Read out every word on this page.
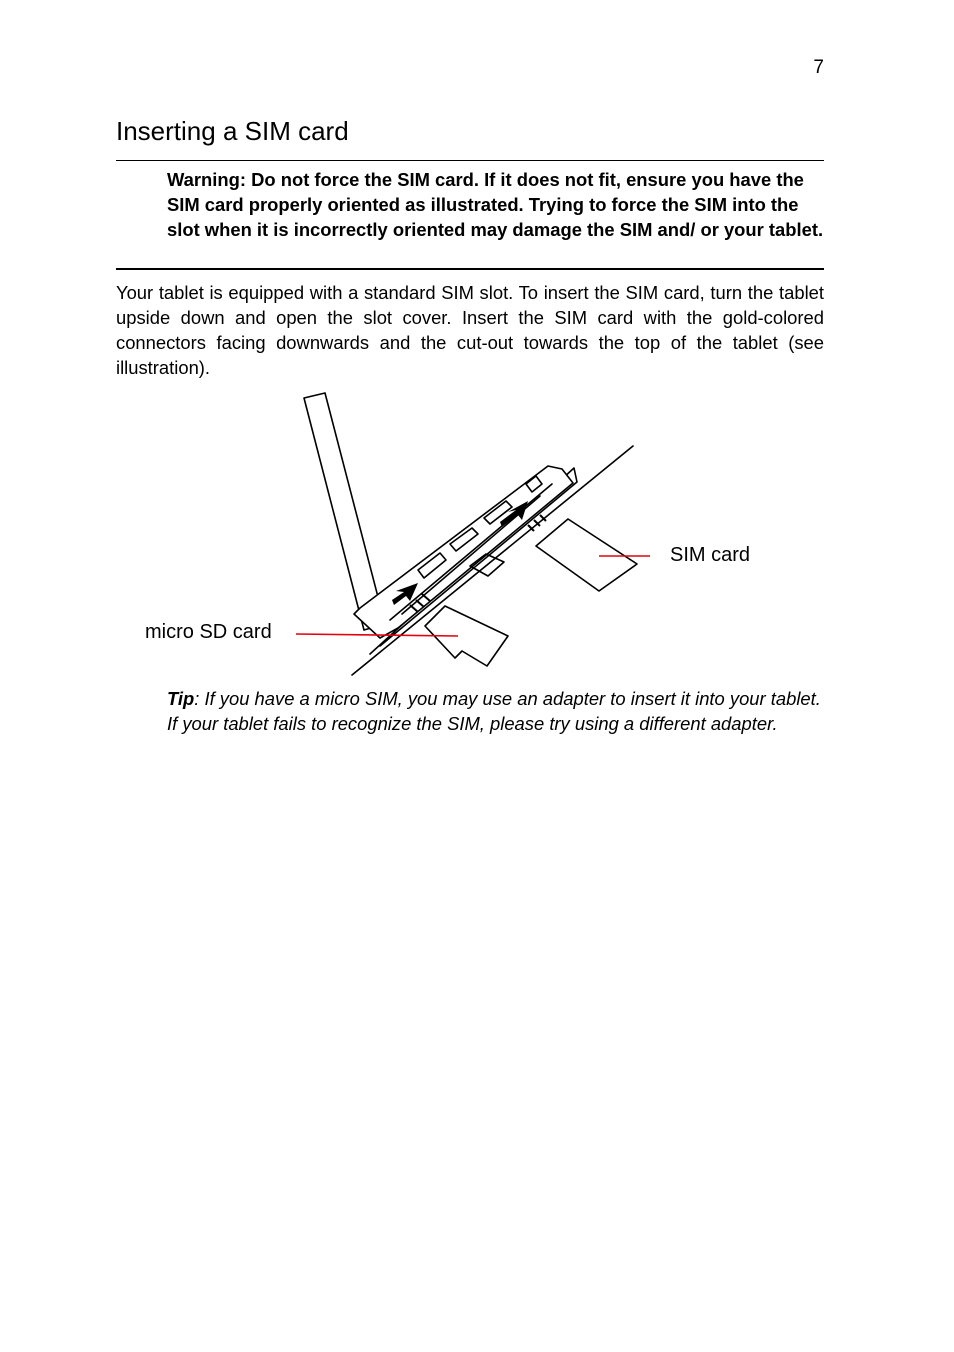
7
Inserting a SIM card

Warning: Do not force the SIM card. If it does not fit, ensure you have the SIM card properly oriented as illustrated. Trying to force the SIM into the slot when it is incorrectly oriented may damage the SIM and/ or your tablet.

Your tablet is equipped with a standard SIM slot. To insert the SIM card, turn the tablet upside down and open the slot cover. Insert the SIM card with the gold-colored connectors facing downwards and the cut-out towards the top of the tablet (see illustration).

SIM card
micro SD card

Tip: If you have a micro SIM, you may use an adapter to insert it into your tablet. If your tablet fails to recognize the SIM, please try using a different adapter.
